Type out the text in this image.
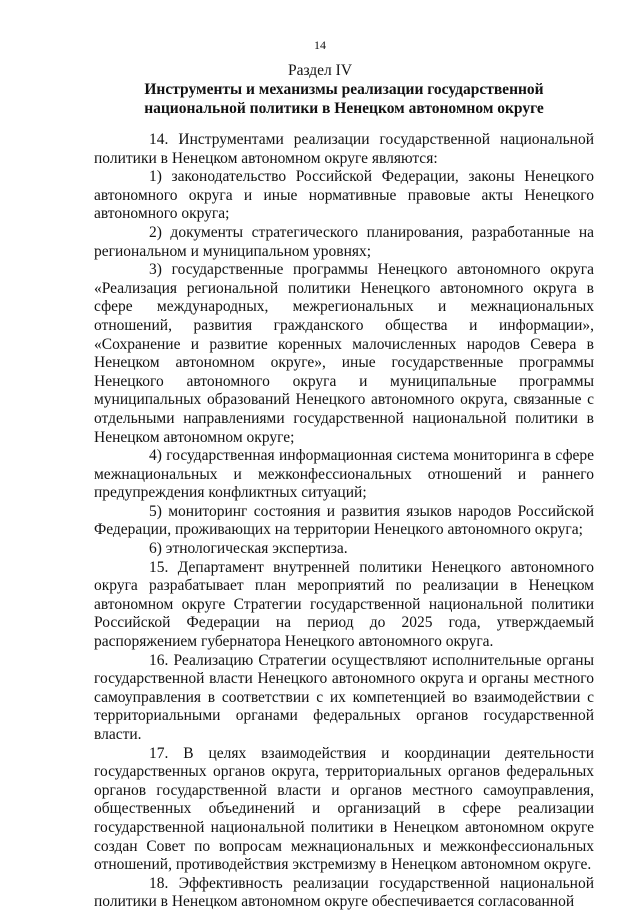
14
Раздел IV
Инструменты и механизмы реализации государственной
национальной политики в Ненецком автономном округе

14. Инструментами реализации государственной национальной политики в Ненецком автономном округе являются:

1) законодательство Российской Федерации, законы Ненецкого автономного округа и иные нормативные правовые акты Ненецкого автономного округа;

2) документы стратегического планирования, разработанные на региональном и муниципальном уровнях;

3) государственные программы Ненецкого автономного округа «Реализация региональной политики Ненецкого автономного округа в сфере международных, межрегиональных и межнациональных отношений, развития гражданского общества и информации», «Сохранение и развитие коренных малочисленных народов Севера в Ненецком автономном округе», иные государственные программы Ненецкого автономного округа и муниципальные программы муниципальных образований Ненецкого автономного округа, связанные с отдельными направлениями государственной национальной политики в Ненецком автономном округе;

4) государственная информационная система мониторинга в сфере межнациональных и межконфессиональных отношений и раннего предупреждения конфликтных ситуаций;

5) мониторинг состояния и развития языков народов Российской Федерации, проживающих на территории Ненецкого автономного округа;

6) этнологическая экспертиза.

15. Департамент внутренней политики Ненецкого автономного округа разрабатывает план мероприятий по реализации в Ненецком автономном округе Стратегии государственной национальной политики Российской Федерации на период до 2025 года, утверждаемый распоряжением губернатора Ненецкого автономного округа.

16. Реализацию Стратегии осуществляют исполнительные органы государственной власти Ненецкого автономного округа и органы местного самоуправления в соответствии с их компетенцией во взаимодействии с территориальными органами федеральных органов государственной власти.

17. В целях взаимодействия и координации деятельности государственных органов округа, территориальных органов федеральных органов государственной власти и органов местного самоуправления, общественных объединений и организаций в сфере реализации государственной национальной политики в Ненецком автономном округе создан Совет по вопросам межнациональных и межконфессиональных отношений, противодействия экстремизму в Ненецком автономном округе.

18. Эффективность реализации государственной национальной политики в Ненецком автономном округе обеспечивается согласованной
